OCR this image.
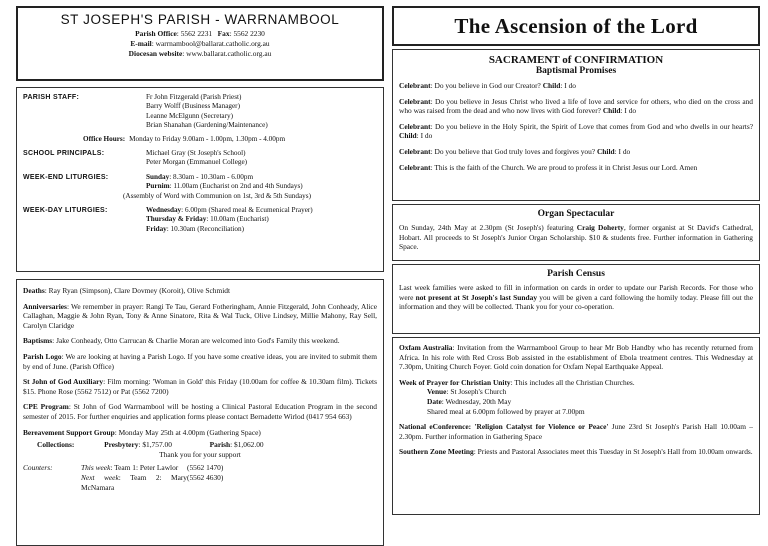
ST JOSEPH'S PARISH - WARRNAMBOOL
Parish Office: 5562 2231 Fax: 5562 2230
E-mail: warrnambool@ballarat.catholic.org.au
Diocesan website: www.ballarat.catholic.org.au
PARISH STAFF:	Fr John Fitzgerald (Parish Priest)
Barry Wolff (Business Manager)
Leanne McElgunn (Secretary)
Brian Shanahan (Gardening/Maintenance)
Office Hours: Monday to Friday 9.00am - 1.00pm, 1.30pm - 4.00pm
SCHOOL PRINCIPALS:	Michael Gray (St Joseph's School)
Peter Morgan (Emmanuel College)
WEEK-END LITURGIES:	Sunday: 8.30am - 10.30am - 6.00pm
Purnim: 11.00am (Eucharist on 2nd and 4th Sundays)
(Assembly of Word with Communion on 1st, 3rd & 5th Sundays)
WEEK-DAY LITURGIES:	Wednesday: 6.00pm (Shared meal & Ecumenical Prayer)
Thursday & Friday: 10.00am (Eucharist)
Friday: 10.30am (Reconciliation)

Deaths: Ray Ryan (Simpson), Clare Dovmey (Koroit), Olive Schmidt

Anniversaries: We remember in prayer: Rangi Te Tau, Gerard Fotheringham, Annie Fitzgerald, John Conheady, Alice Callaghan, Maggie & John Ryan, Tony & Anne Sinatore, Rita & Wal Tuck, Olive Lindsey, Millie Mahony, Ray Sell, Carolyn Claridge

Baptisms: Jake Conheady, Otto Carrucan & Charlie Moran are welcomed into God's Family this weekend.

Parish Logo: We are looking at having a Parish Logo. If you have some creative ideas, you are invited to submit them by end of June. (Parish Office)

St John of God Auxiliary: Film morning: 'Woman in Gold' this Friday (10.00am for coffee & 10.30am film). Tickets $15. Phone Rose (5562 7512) or Pat (5562 7200)

CPE Program: St John of God Warrnambool will be hosting a Clinical Pastoral Education Program in the second semester of 2015. For further enquiries and application forms please contact Bernadette Wirlod (0417 954 663)

Bereavement Support Group: Monday May 25th at 4.00pm (Gathering Space)

Collections:	Presbytery: $1,757.00	Parish: $1,062.00
Thank you for your support
Counters:	This week: Team 1: Peter Lawlor	(5562 1470)
Next week: Team 2: Mary McNamara
(5562 4630)
The Ascension of the Lord
SACRAMENT of CONFIRMATION
Baptismal Promises

Celebrant: Do you believe in God our Creator? Child: I do

Celebrant: Do you believe in Jesus Christ who lived a life of love and service for others, who died on the cross and who was raised from the dead and who now lives with God forever? Child: I do

Celebrant: Do you believe in the Holy Spirit, the Spirit of Love that comes from God and who dwells in our hearts? Child: I do

Celebrant: Do you believe that God truly loves and forgives you? Child: I do

Celebrant: This is the faith of the Church. We are proud to profess it in Christ Jesus our Lord. Amen

Organ Spectacular

On Sunday, 24th May at 2.30pm (St Joseph's) featuring Craig Doherty, former organist at St David's Cathedral, Hobart. All proceeds to St Joseph's Junior Organ Scholarship. $10 & students free. Further information in Gathering Space.

Parish Census

Last week families were asked to fill in information on cards in order to update our Parish Records. For those who were not present at St Joseph's last Sunday you will be given a card following the homily today. Please fill out the information and they will be collected. Thank you for your co-operation.

Oxfam Australia: Invitation from the Warrnambool Group to hear Mr Bob Handby who has recently returned from Africa. In his role with Red Cross Bob assisted in the establishment of Ebola treatment centres. This Wednesday at 7.30pm, Uniting Church Foyer. Gold coin donation for Oxfam Nepal Earthquake Appeal.

Week of Prayer for Christian Unity: This includes all the Christian Churches.

Venue: St Joseph's Church
Date: Wednesday, 20th May
Shared meal at 6.00pm followed by prayer at 7.00pm

National eConference: 'Religion Catalyst for Violence or Peace' June 23rd St Joseph's Parish Hall 10.00am – 2.30pm. Further information in Gathering Space

Southern Zone Meeting: Priests and Pastoral Associates meet this Tuesday in St Joseph's Hall from 10.00am onwards.
